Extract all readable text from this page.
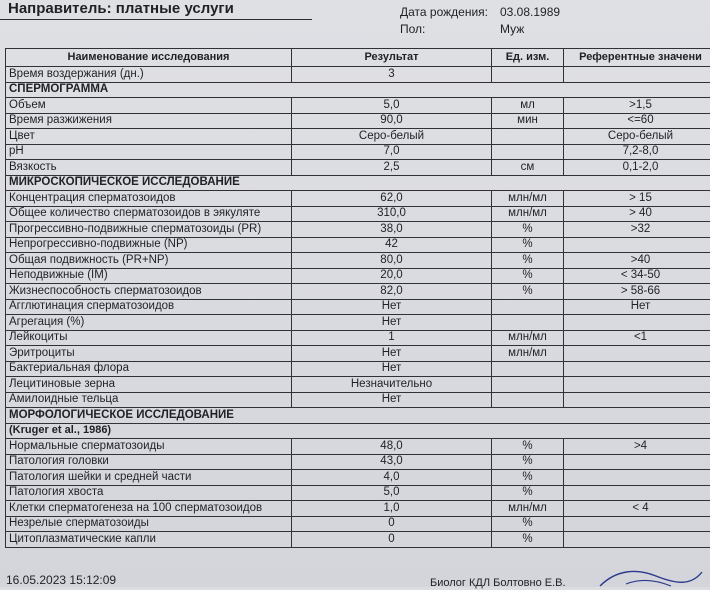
Направитель: платные услуги	Дата рождения: 03.08.1989
Пол:	Муж
Наименование исследования	Результат	Ед. изм.	Референтные значени
Время воздержания (дн.)	3		
СПЕРМОГРАММА			
Объем	5,0	мл	>1,5
Время разжижения	90,0	мин	<=60
Цвет	Серо-белый		Серо-белый
pH	7,0		7,2-8,0
Вязкость	2,5	см	0,1-2,0
МИКРОСКОПИЧЕСКОЕ ИССЛЕДОВАНИЕ			
Концентрация сперматозоидов	62,0	млн/мл	> 15
Общее количество сперматозоидов в эякуляте	310,0	млн/мл	> 40
Прогрессивно-подвижные сперматозоиды (PR)	38,0	%	>32
Непрогрессивно-подвижные (NP)	42	%	
Общая подвижность (PR+NP)	80,0	%	>40
Неподвижные (IM)	20,0	%	< 34-50
Жизнеспособность сперматозоидов	82,0	%	> 58-66
Агглютинация сперматозоидов	Нет		Нет
Агрегация (%)	Нет		
Лейкоциты	1	млн/мл	<1
Эритроциты	Нет	млн/мл	
Бактериальная флора	Нет		
Лецитиновые зерна	Незначительно		
Амилоидные тельца	Нет		
МОРФОЛОГИЧЕСКОЕ ИССЛЕДОВАНИЕ			
(Kruger et al., 1986)			
Нормальные сперматозоиды	48,0	%	>4
Патология головки	43,0	%	
Патология шейки и средней части	4,0	%	
Патология хвоста	5,0	%	
Клетки сперматогенеза на 100 сперматозоидов	1,0	млн/мл	< 4
Незрелые сперматозоиды	0	%	
Цитоплазматические капли	0	%	
16.05.2023 15:12:09	Биолог КДЛ Болтовно Е.В.
